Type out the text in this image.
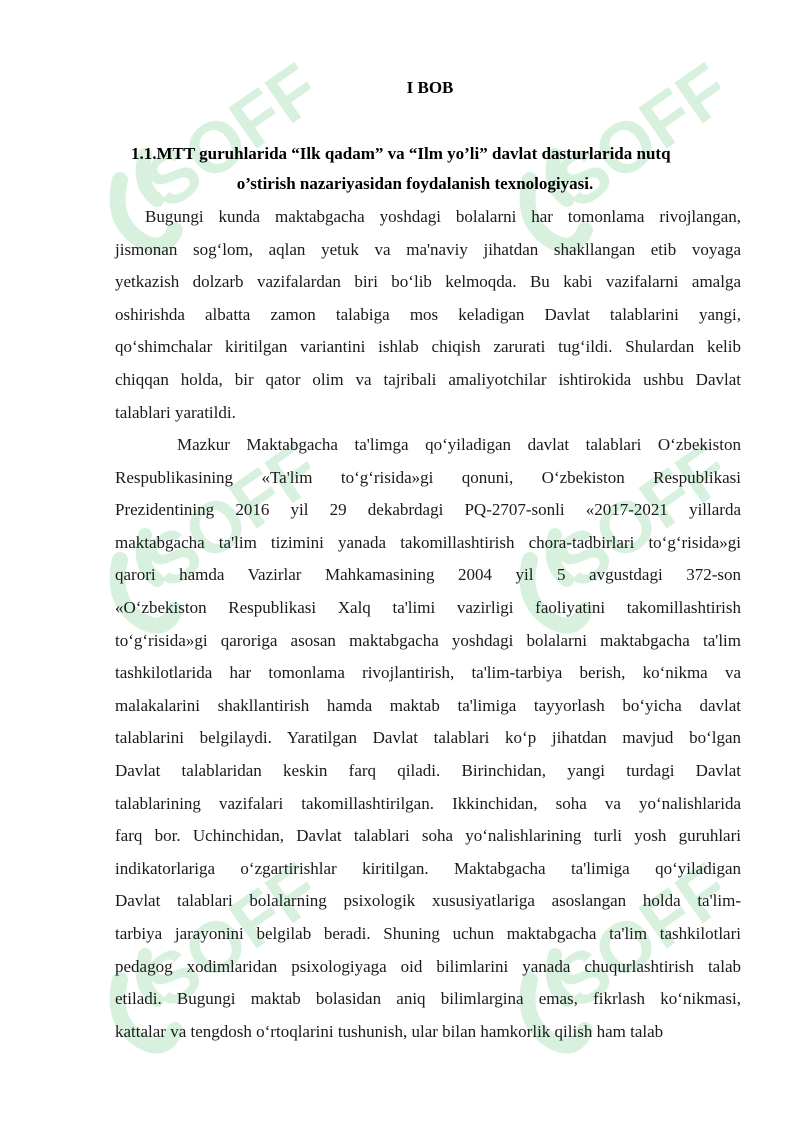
SOFF	SOFF
SOFF	SOFF
SOFF	SOFF
I BOB
1.1.MTT guruhlarida “Ilk qadam” va “Ilm yo’li” davlat dasturlarida nutq
o’stirish nazariyasidan foydalanish texnologiyasi.
Bugungi kunda maktabgacha yoshdagi bolalarni har tomonlama rivojlangan,
jismonan sog‘lom, aqlan yetuk va ma'naviy jihatdan shakllangan etib voyaga
yetkazish dolzarb vazifalardan biri bo‘lib kelmoqda. Bu kabi vazifalarni amalga
oshirishda albatta zamon talabiga mos keladigan Davlat talablarini yangi,
qo‘shimchalar kiritilgan variantini ishlab chiqish zarurati tug‘ildi. Shulardan kelib
chiqqan holda, bir qator olim va tajribali amaliyotchilar ishtirokida ushbu Davlat
talablari yaratildi.
Mazkur Maktabgacha ta'limga qo‘yiladigan davlat talablari O‘zbekiston
Respublikasining «Ta'lim to‘g‘risida»gi qonuni, O‘zbekiston Respublikasi
Prezidentining 2016 yil 29 dekabrdagi PQ-2707-sonli «2017-2021 yillarda
maktabgacha ta'lim tizimini yanada takomillashtirish chora-tadbirlari to‘g‘risida»gi
qarori hamda Vazirlar Mahkamasining 2004 yil 5 avgustdagi 372-son
«O‘zbekiston Respublikasi Xalq ta'limi vazirligi faoliyatini takomillashtirish
to‘g‘risida»gi qaroriga asosan maktabgacha yoshdagi bolalarni maktabgacha ta'lim
tashkilotlarida har tomonlama rivojlantirish, ta'lim-tarbiya berish, ko‘nikma va
malakalarini shakllantirish hamda maktab ta'limiga tayyorlash bo‘yicha davlat
talablarini belgilaydi. Yaratilgan Davlat talablari ko‘p jihatdan mavjud bo‘lgan
Davlat talablaridan keskin farq qiladi. Birinchidan, yangi turdagi Davlat
talablarining vazifalari takomillashtirilgan. Ikkinchidan, soha va yo‘nalishlarida
farq bor. Uchinchidan, Davlat talablari soha yo‘nalishlarining turli yosh guruhlari
indikatorlariga o‘zgartirishlar kiritilgan. Maktabgacha ta'limiga qo‘yiladigan
Davlat talablari bolalarning psixologik xususiyatlariga asoslangan holda ta'lim-
tarbiya jarayonini belgilab beradi. Shuning uchun maktabgacha ta'lim tashkilotlari
pedagog xodimlaridan psixologiyaga oid bilimlarini yanada chuqurlashtirish talab
etiladi. Bugungi maktab bolasidan aniq bilimlargina emas, fikrlash ko‘nikmasi,
kattalar va tengdosh o‘rtoqlarini tushunish, ular bilan hamkorlik qilish ham talab
